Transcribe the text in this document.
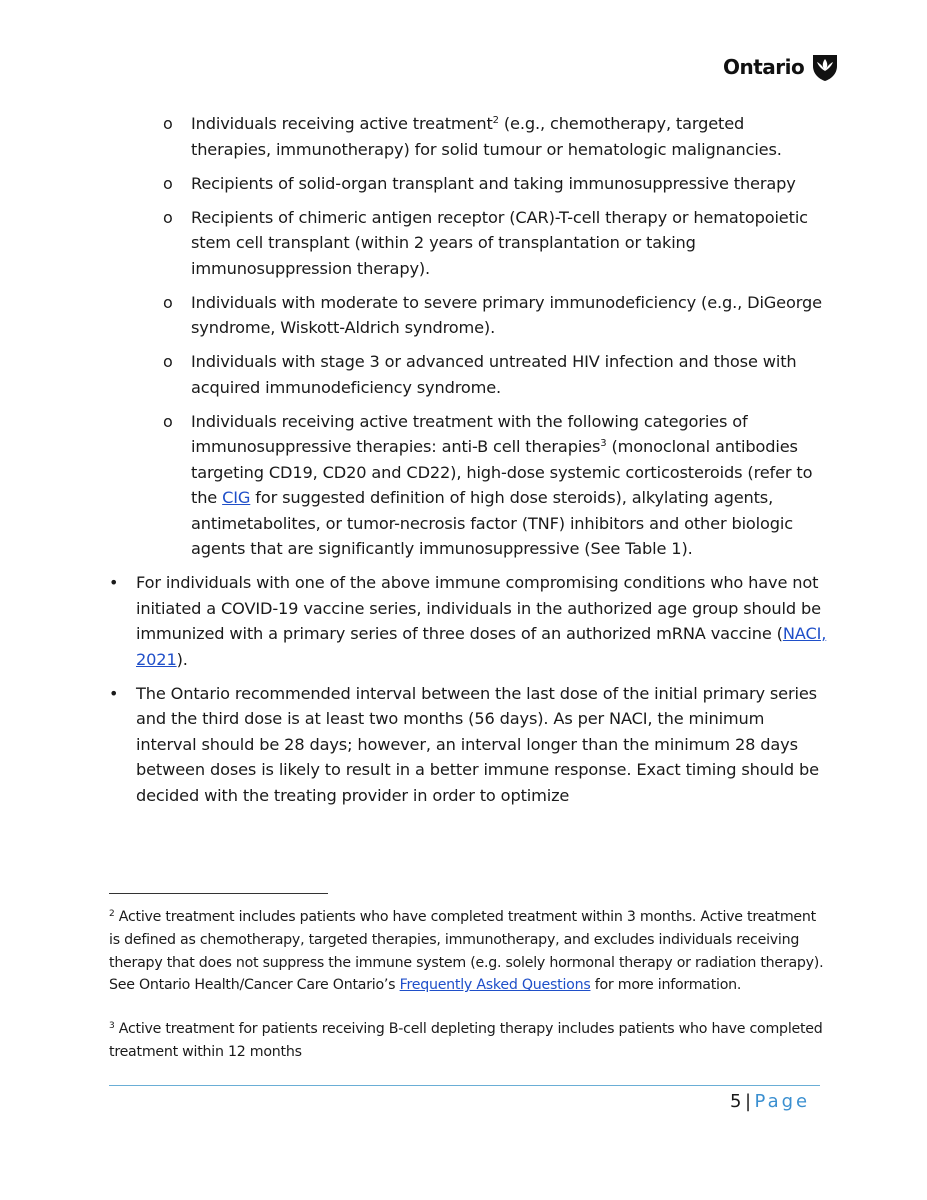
Ontario
o Individuals receiving active treatment$^2$ (e.g., chemotherapy, targeted therapies, immunotherapy) for solid tumour or hematologic malignancies.
o Recipients of solid-organ transplant and taking immunosuppressive therapy
o Recipients of chimeric antigen receptor (CAR)-T-cell therapy or hematopoietic stem cell transplant (within 2 years of transplantation or taking immunosuppression therapy).
o Individuals with moderate to severe primary immunodeficiency (e.g., DiGeorge syndrome, Wiskott-Aldrich syndrome).
o Individuals with stage 3 or advanced untreated HIV infection and those with acquired immunodeficiency syndrome.
o Individuals receiving active treatment with the following categories of immunosuppressive therapies: anti-B cell therapies$^3$ (monoclonal antibodies targeting CD19, CD20 and CD22), high-dose systemic corticosteroids (refer to the CIG for suggested definition of high dose steroids), alkylating agents, antimetabolites, or tumor-necrosis factor (TNF) inhibitors and other biologic agents that are significantly immunosuppressive (See Table 1).
• For individuals with one of the above immune compromising conditions who have not initiated a COVID-19 vaccine series, individuals in the authorized age group should be immunized with a primary series of three doses of an authorized mRNA vaccine (NACI, 2021).
• The Ontario recommended interval between the last dose of the initial primary series and the third dose is at least two months (56 days). As per NACI, the minimum interval should be 28 days; however, an interval longer than the minimum 28 days between doses is likely to result in a better immune response. Exact timing should be decided with the treating provider in order to optimize

$^2$ Active treatment includes patients who have completed treatment within 3 months. Active treatment is defined as chemotherapy, targeted therapies, immunotherapy, and excludes individuals receiving therapy that does not suppress the immune system (e.g. solely hormonal therapy or radiation therapy). See Ontario Health/Cancer Care Ontario’s Frequently Asked Questions for more information.

$^3$ Active treatment for patients receiving B-cell depleting therapy includes patients who have completed treatment within 12 months

5 | Page
